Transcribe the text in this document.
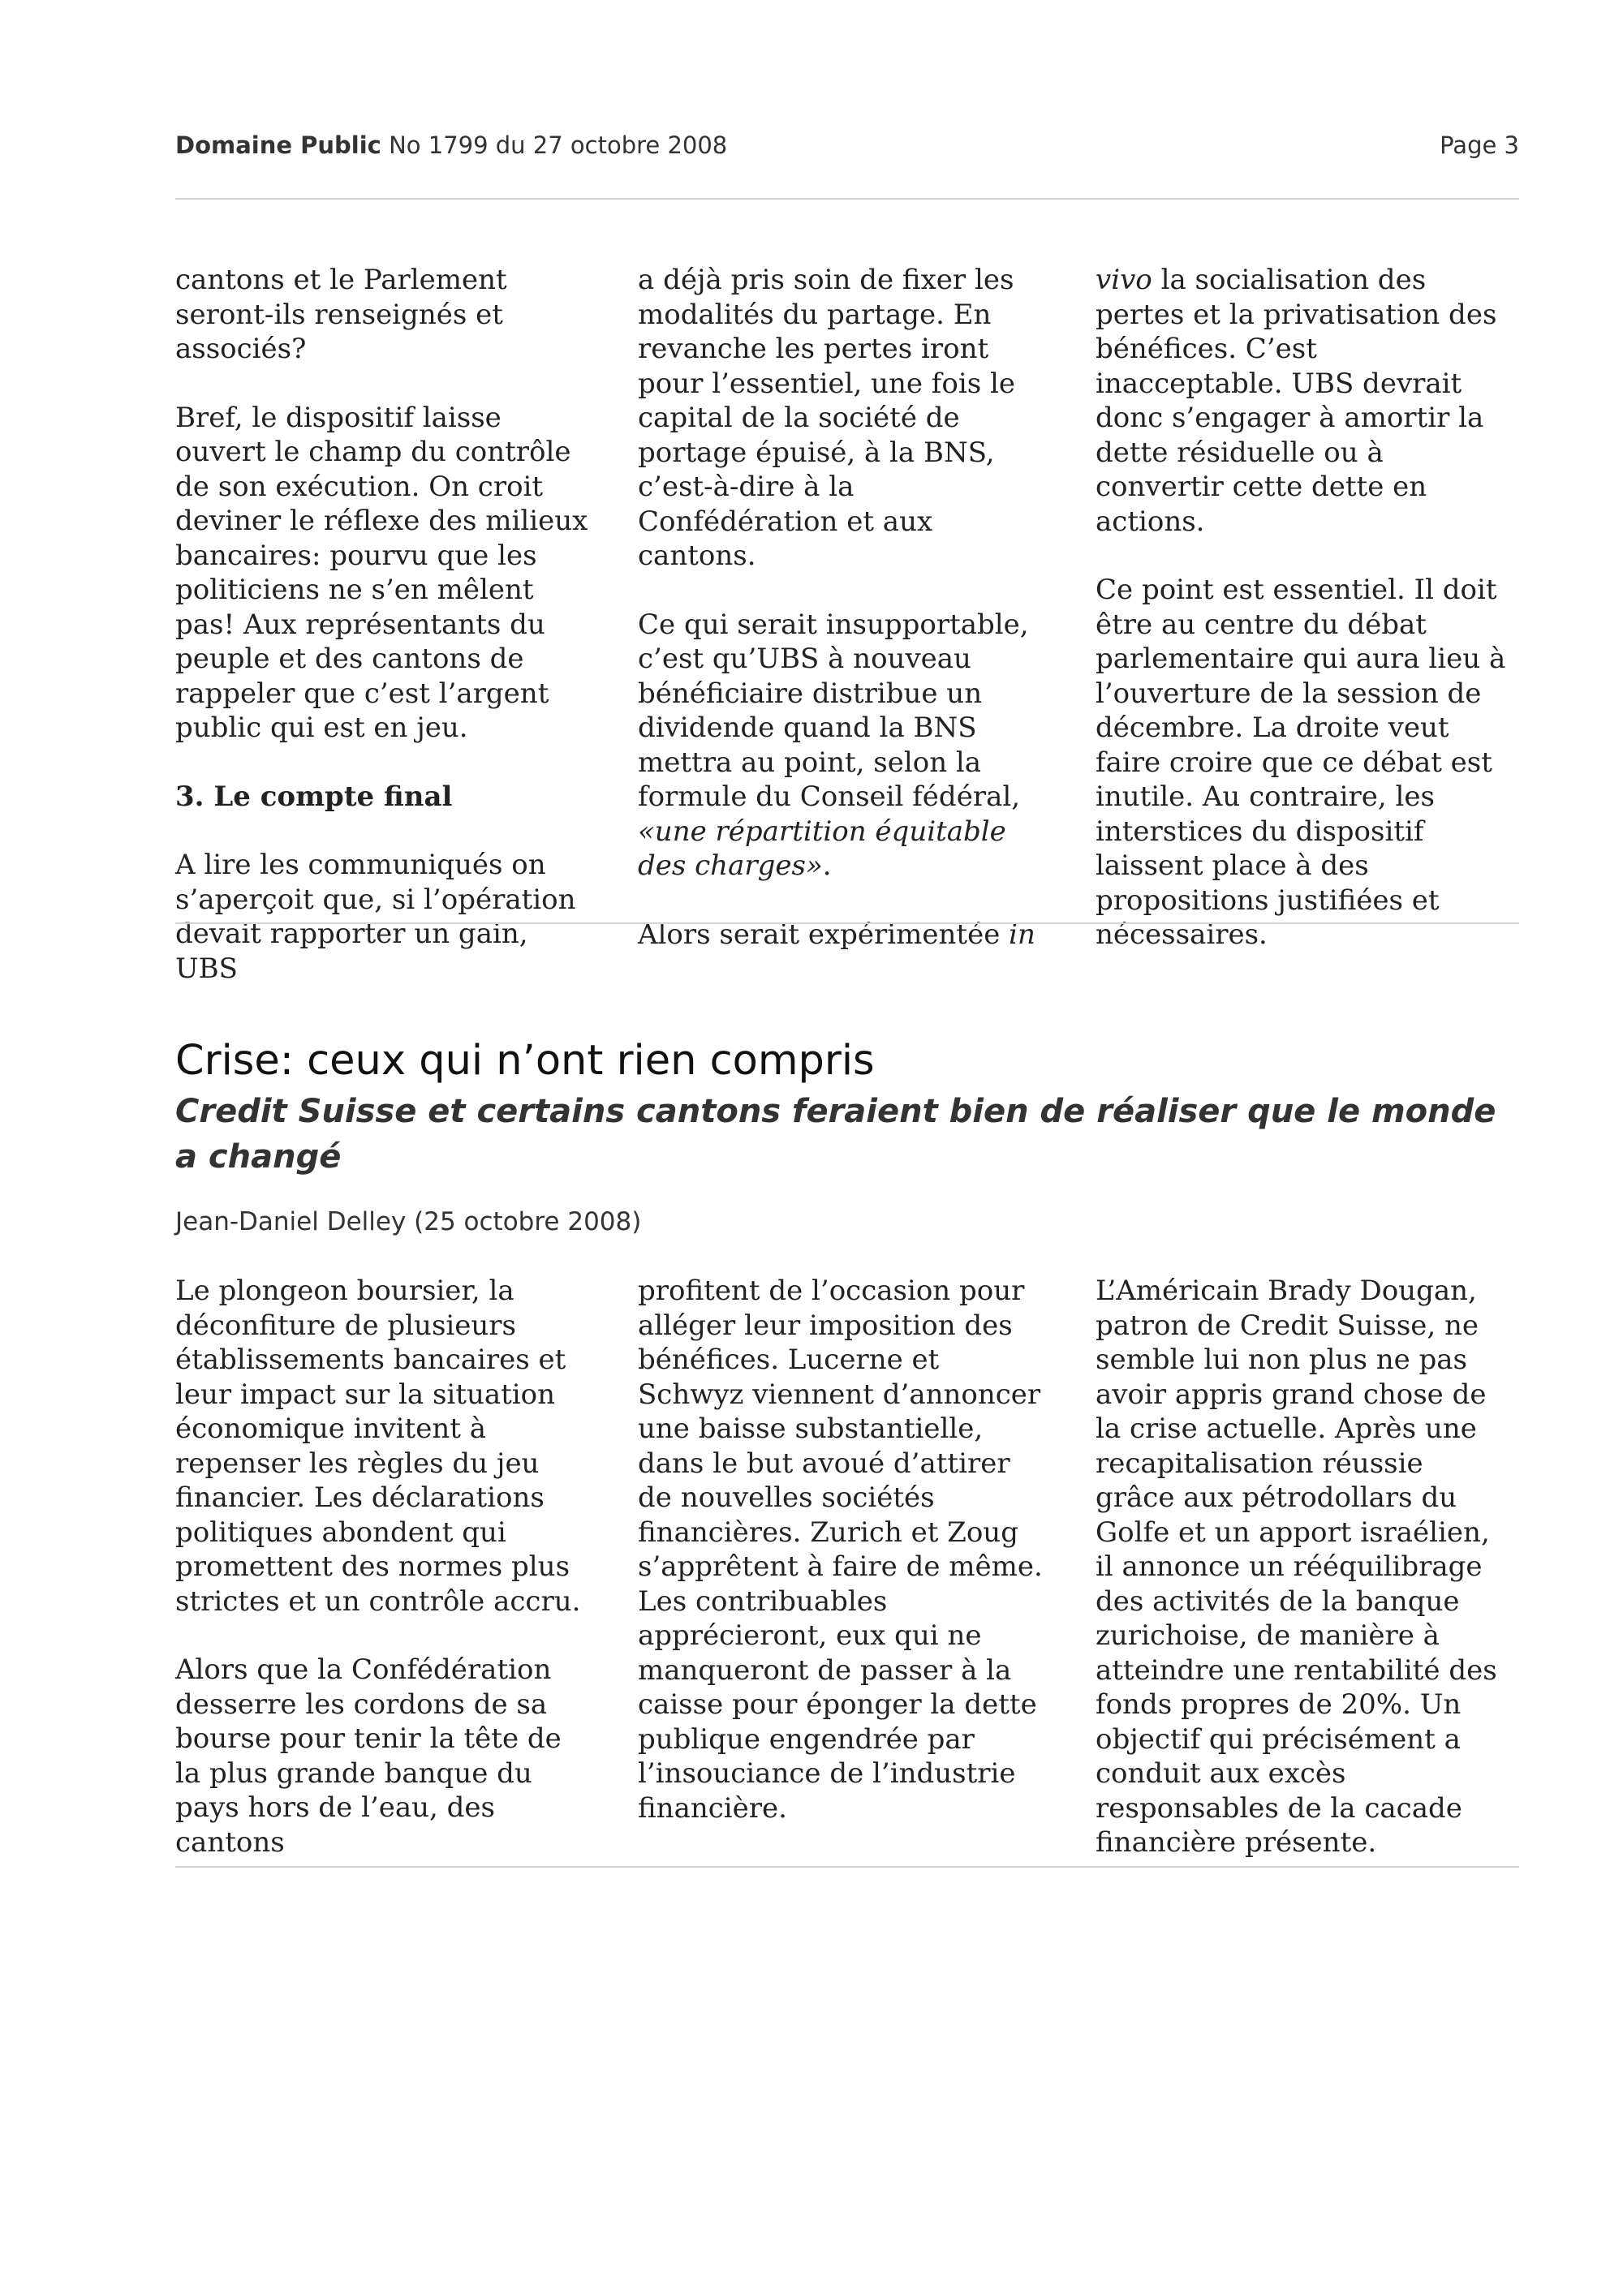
Domaine Public No 1799 du 27 octobre 2008	Page 3

cantons et le Parlement seront-ils renseignés et associés?

Bref, le dispositif laisse ouvert le champ du contrôle de son exécution. On croit deviner le réflexe des milieux bancaires: pourvu que les politiciens ne s’en mêlent pas! Aux représentants du peuple et des cantons de rappeler que c’est l’argent public qui est en jeu.

3. Le compte final

A lire les communiqués on s’aperçoit que, si l’opération devait rapporter un gain, UBS

a déjà pris soin de fixer les modalités du partage. En revanche les pertes iront pour l’essentiel, une fois le capital de la société de portage épuisé, à la BNS, c’est-à-dire à la Confédération et aux cantons.

Ce qui serait insupportable, c’est qu’UBS à nouveau bénéficiaire distribue un dividende quand la BNS mettra au point, selon la formule du Conseil fédéral, «une répartition équitable des charges».

Alors serait expérimentée in

vivo la socialisation des pertes et la privatisation des bénéfices. C’est inacceptable. UBS devrait donc s’engager à amortir la dette résiduelle ou à convertir cette dette en actions.

Ce point est essentiel. Il doit être au centre du débat parlementaire qui aura lieu à l’ouverture de la session de décembre. La droite veut faire croire que ce débat est inutile. Au contraire, les interstices du dispositif laissent place à des propositions justifiées et nécessaires.

Crise: ceux qui n’ont rien compris
Credit Suisse et certains cantons feraient bien de réaliser que le monde a changé
Jean-Daniel Delley (25 octobre 2008)

Le plongeon boursier, la déconfiture de plusieurs établissements bancaires et leur impact sur la situation économique invitent à repenser les règles du jeu financier. Les déclarations politiques abondent qui promettent des normes plus strictes et un contrôle accru.

Alors que la Confédération desserre les cordons de sa bourse pour tenir la tête de la plus grande banque du pays hors de l’eau, des cantons

profitent de l’occasion pour alléger leur imposition des bénéfices. Lucerne et Schwyz viennent d’annoncer une baisse substantielle, dans le but avoué d’attirer de nouvelles sociétés financières. Zurich et Zoug s’apprêtent à faire de même. Les contribuables apprécieront, eux qui ne manqueront de passer à la caisse pour éponger la dette publique engendrée par l’insouciance de l’industrie financière.

L’Américain Brady Dougan, patron de Credit Suisse, ne semble lui non plus ne pas avoir appris grand chose de la crise actuelle. Après une recapitalisation réussie grâce aux pétrodollars du Golfe et un apport israélien, il annonce un rééquilibrage des activités de la banque zurichoise, de manière à atteindre une rentabilité des fonds propres de 20%. Un objectif qui précisément a conduit aux excès responsables de la cacade financière présente.
